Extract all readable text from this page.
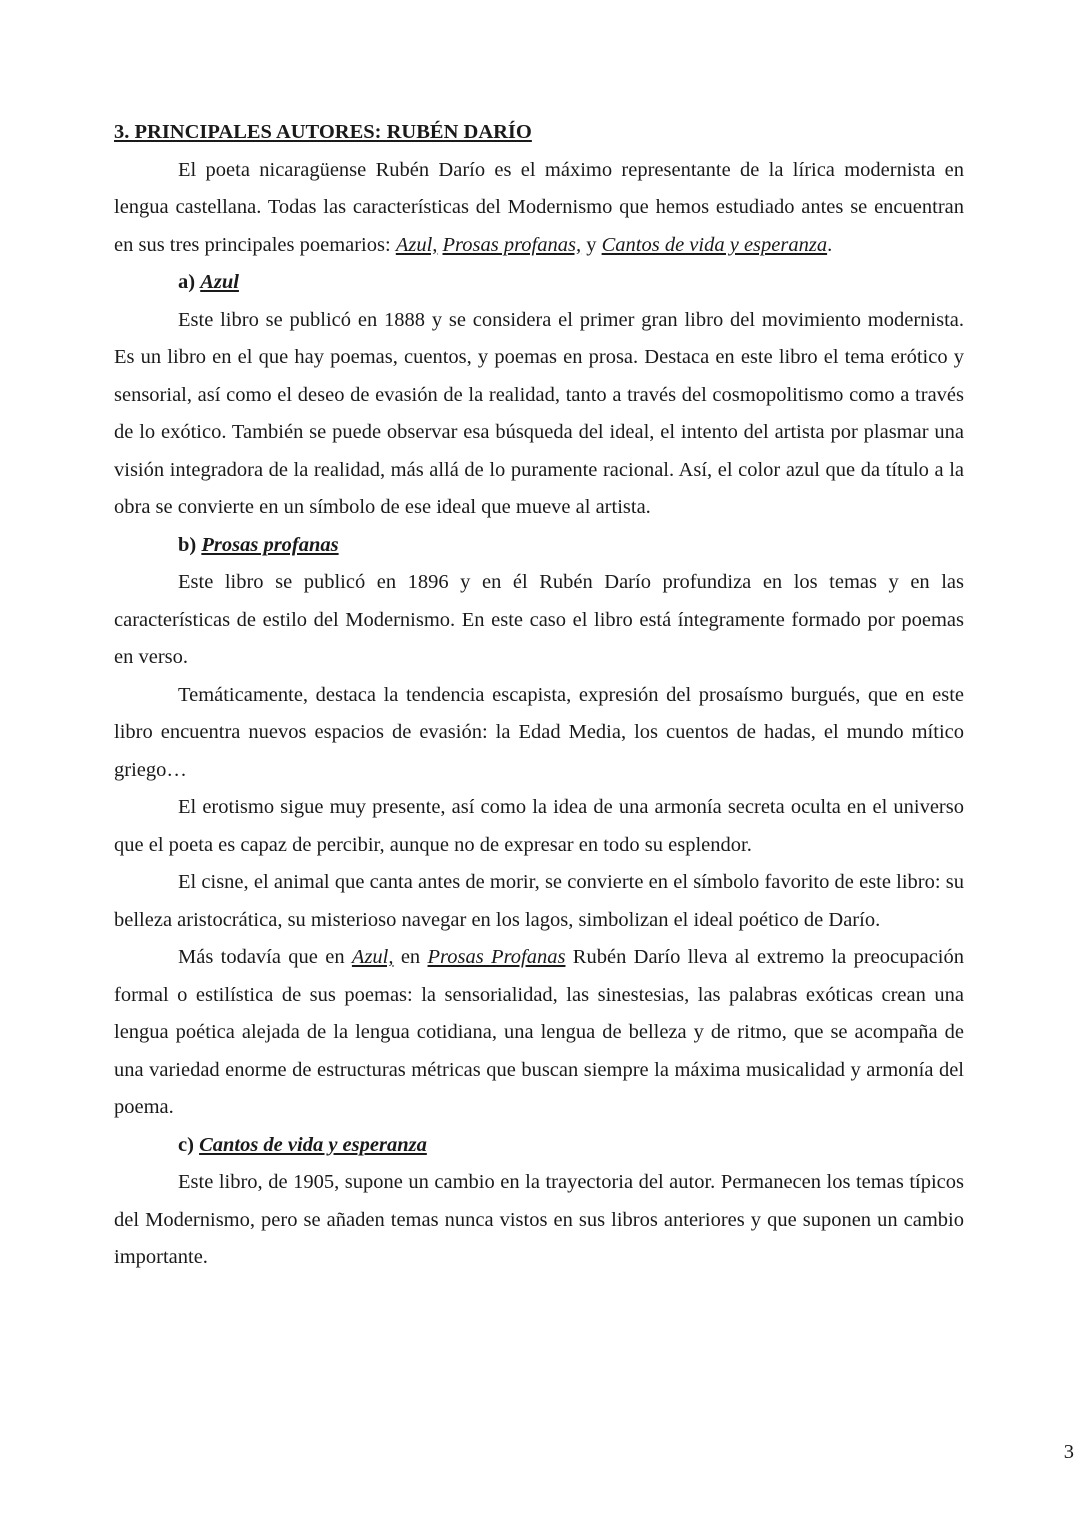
3. PRINCIPALES AUTORES: RUBÉN DARÍO

El poeta nicaragüense Rubén Darío es el máximo representante de la lírica modernista en lengua castellana. Todas las características del Modernismo que hemos estudiado antes se encuentran en sus tres principales poemarios: Azul, Prosas profanas, y Cantos de vida y esperanza.

a) Azul

Este libro se publicó en 1888 y se considera el primer gran libro del movimiento modernista. Es un libro en el que hay poemas, cuentos, y poemas en prosa. Destaca en este libro el tema erótico y sensorial, así como el deseo de evasión de la realidad, tanto a través del cosmopolitismo como a través de lo exótico. También se puede observar esa búsqueda del ideal, el intento del artista por plasmar una visión integradora de la realidad, más allá de lo puramente racional. Así, el color azul que da título a la obra se convierte en un símbolo de ese ideal que mueve al artista.

b) Prosas profanas

Este libro se publicó en 1896 y en él Rubén Darío profundiza en los temas y en las características de estilo del Modernismo. En este caso el libro está íntegramente formado por poemas en verso.

Temáticamente, destaca la tendencia escapista, expresión del prosaísmo burgués, que en este libro encuentra nuevos espacios de evasión: la Edad Media, los cuentos de hadas, el mundo mítico griego…

El erotismo sigue muy presente, así como la idea de una armonía secreta oculta en el universo que el poeta es capaz de percibir, aunque no de expresar en todo su esplendor.

El cisne, el animal que canta antes de morir, se convierte en el símbolo favorito de este libro: su belleza aristocrática, su misterioso navegar en los lagos, simbolizan el ideal poético de Darío.

Más todavía que en Azul, en Prosas Profanas Rubén Darío lleva al extremo la preocupación formal o estilística de sus poemas: la sensorialidad, las sinestesias, las palabras exóticas crean una lengua poética alejada de la lengua cotidiana, una lengua de belleza y de ritmo, que se acompaña de una variedad enorme de estructuras métricas que buscan siempre la máxima musicalidad y armonía del poema.

c) Cantos de vida y esperanza

Este libro, de 1905, supone un cambio en la trayectoria del autor. Permanecen los temas típicos del Modernismo, pero se añaden temas nunca vistos en sus libros anteriores y que suponen un cambio importante.

3
